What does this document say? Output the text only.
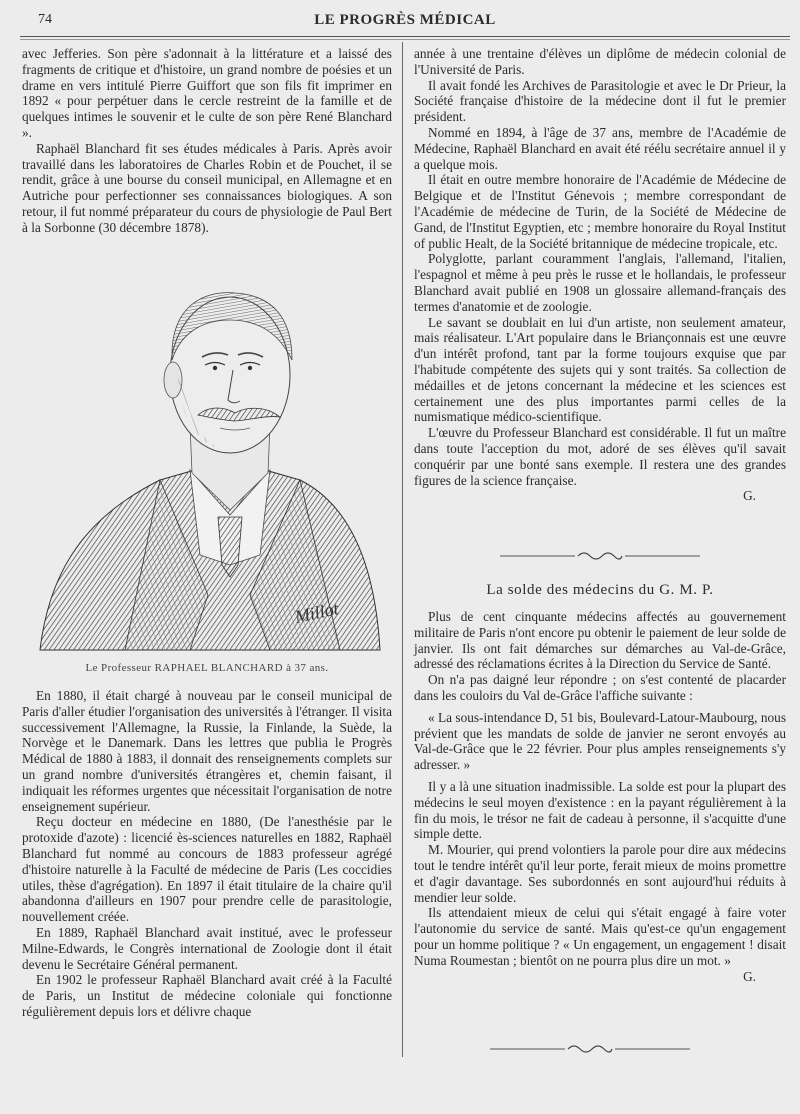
74	LE PROGRÈS MÉDICAL

avec Jefferies. Son père s'adonnait à la littérature et a laissé des fragments de critique et d'histoire, un grand nombre de poésies et un drame en vers intitulé Pierre Guiffort que son fils fit imprimer en 1892 « pour perpétuer dans le cercle restreint de la famille et de quelques intimes le souvenir et le culte de son père René Blanchard ».

Raphaël Blanchard fit ses études médicales à Paris. Après avoir travaillé dans les laboratoires de Charles Robin et de Pouchet, il se rendit, grâce à une bourse du conseil municipal, en Allemagne et en Autriche pour perfectionner ses connaissances biologiques. A son retour, il fut nommé préparateur du cours de physiologie de Paul Bert à la Sorbonne (30 décembre 1878).

Millot
Le Professeur RAPHAEL BLANCHARD à 37 ans.

En 1880, il était chargé à nouveau par le conseil municipal de Paris d'aller étudier l'organisation des universités à l'étranger. Il visita successivement l'Allemagne, la Russie, la Finlande, la Suède, la Norvège et le Danemark. Dans les lettres que publia le Progrès Médical de 1880 à 1883, il donnait des renseignements complets sur un grand nombre d'universités étrangères et, chemin faisant, il indiquait les réformes urgentes que nécessitait l'organisation de notre enseignement supérieur.

Reçu docteur en médecine en 1880, (De l'anesthésie par le protoxide d'azote) : licencié ès-sciences naturelles en 1882, Raphaël Blanchard fut nommé au concours de 1883 professeur agrégé d'histoire naturelle à la Faculté de médecine de Paris (Les coccidies utiles, thèse d'agrégation). En 1897 il était titulaire de la chaire qu'il abandonna d'ailleurs en 1907 pour prendre celle de parasitologie, nouvellement créée.

En 1889, Raphaël Blanchard avait institué, avec le professeur Milne-Edwards, le Congrès international de Zoologie dont il était devenu le Secrétaire Général permanent.

En 1902 le professeur Raphaël Blanchard avait créé à la Faculté de Paris, un Institut de médecine coloniale qui fonctionne régulièrement depuis lors et délivre chaque

année à une trentaine d'élèves un diplôme de médecin colonial de l'Université de Paris.

Il avait fondé les Archives de Parasitologie et avec le Dr Prieur, la Société française d'histoire de la médecine dont il fut le premier président.

Nommé en 1894, à l'âge de 37 ans, membre de l'Académie de Médecine, Raphaël Blanchard en avait été réélu secrétaire annuel il y a quelque mois.

Il était en outre membre honoraire de l'Académie de Médecine de Belgique et de l'Institut Génevois ; membre correspondant de l'Académie de médecine de Turin, de la Société de Médecine de Gand, de l'Institut Egyptien, etc ; membre honoraire du Royal Institut of public Healt, de la Société britannique de médecine tropicale, etc.

Polyglotte, parlant couramment l'anglais, l'allemand, l'italien, l'espagnol et même à peu près le russe et le hollandais, le professeur Blanchard avait publié en 1908 un glossaire allemand-français des termes d'anatomie et de zoologie.

Le savant se doublait en lui d'un artiste, non seulement amateur, mais réalisateur. L'Art populaire dans le Briançonnais est une œuvre d'un intérêt profond, tant par la forme toujours exquise que par l'habitude compétente des sujets qui y sont traités. Sa collection de médailles et de jetons concernant la médecine et les sciences est certainement une des plus importantes parmi celles de la numismatique médico-scientifique.

L'œuvre du Professeur Blanchard est considérable. Il fut un maître dans toute l'acception du mot, adoré de ses élèves qu'il savait conquérir par une bonté sans exemple. Il restera une des grandes figures de la science française.

G.
La solde des médecins du G. M. P.

Plus de cent cinquante médecins affectés au gouvernement militaire de Paris n'ont encore pu obtenir le paiement de leur solde de janvier. Ils ont fait démarches sur démarches au Val-de-Grâce, adressé des réclamations écrites à la Direction du Service de Santé.

On n'a pas daigné leur répondre ; on s'est contenté de placarder dans les couloirs du Val de-Grâce l'affiche suivante :

« La sous-intendance D, 51 bis, Boulevard-Latour-Maubourg, nous prévient que les mandats de solde de janvier ne seront envoyés au Val-de-Grâce que le 22 février. Pour plus amples renseignements s'y adresser. »

Il y a là une situation inadmissible. La solde est pour la plupart des médecins le seul moyen d'existence : en la payant régulièrement à la fin du mois, le trésor ne fait de cadeau à personne, il s'acquitte d'une simple dette.

M. Mourier, qui prend volontiers la parole pour dire aux médecins tout le tendre intérêt qu'il leur porte, ferait mieux de moins promettre et d'agir davantage. Ses subordonnés en sont aujourd'hui réduits à mendier leur solde.

Ils attendaient mieux de celui qui s'était engagé à faire voter l'autonomie du service de santé. Mais qu'est-ce qu'un engagement pour un homme politique ? « Un engagement, un engagement ! disait Numa Roumestan ; bientôt on ne pourra plus dire un mot. »

G.
